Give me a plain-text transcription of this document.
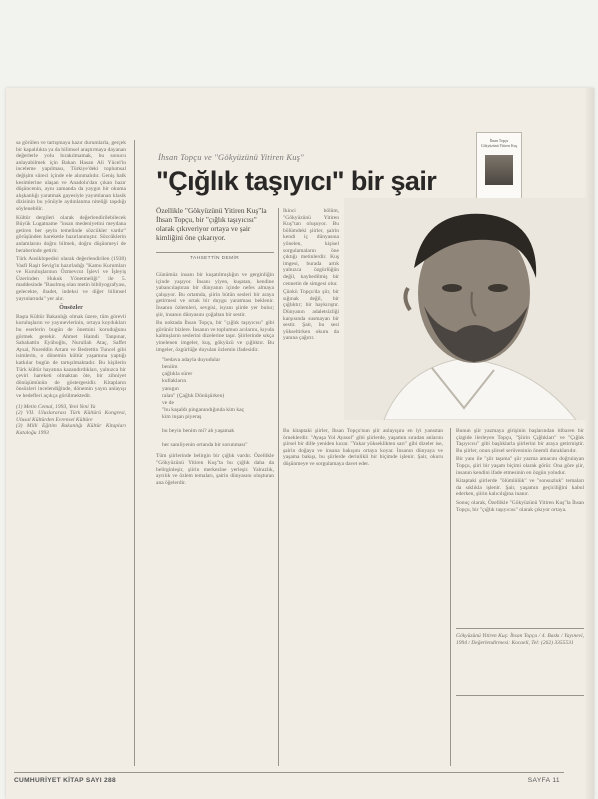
sa görülen ve tartışmaya hazır durumlarla, gerçek bir kapalılıkta ya da bilimsel araştırmaya dayanan değerlerle yolu bırakılmamak, bu sonucu anlayabilmek için Bakan Hasan Ali Yücel'in inceleme yapılması, Türkiye'deki toplumsal değişim süreci içinde ele alınmalıdır. Geniş halk kesimlerine ulaşan ve Anadolu'dan çıkan hazır düşüncenin, aynı zamanda da yaygın bir okuma alışkanlığı yaratmak gayesiyle yayımlanan klasik dizisinin bu yönüyle aydınlanma niteliği taşıdığı söylenebilir.

Kültür dergileri olarak değerlendirilebilecek Büyük Lugatname "insan medeniyetini meydana getiren her şeyin temelinde sözcükler vardır" görüşünden hareketle hazırlanmıştır. Sözcüklerin anlamlarını doğru bilmek, doğru düşünmeyi de beraberinde getirir.

Türk Ansiklopedisi olarak değerlendirilen (1938) Vasfi Raşit Sevig'in hazırladığı "Kamu Kurumları ve Kuruluşlarının Özmevcut İşlevi ve İşleyiş Üzerinden Hukuk Yönetmeliği" ile 5. maddesinde "Basılmış olan metin bibliyografyası, gelecekte, ibadet, indeksi ve diğer bilimsel yayınlarında" yer alır.

Önsözler

Başta Kültür Bakanlığı olmak üzere, tüm görevli kuruluşların ve yayınevlerinin, ortaya koydukları bu eserlerin bugün de önemini koruduğunu görmek gerekir. Ahmet Hamdi Tanpınar, Sabahattin Eyüboğlu, Nurullah Ataç, Saffet Aysal, Nureddin Artam ve Bedrettin Tuncel gibi isimlerin, o dönemin kültür yaşamına yaptığı katkılar bugün de tartışılmaktadır. Bu kişilerin Türk kültür hayatına kazandırdıkları, yalnızca bir çeviri hareketi olmaktan öte, bir zihniyet dönüşümünün de göstergesidir. Kitapların önsözleri incelendiğinde, dönemin yayın anlayışı ve hedefleri açıkça görülmektedir.

(1) Metin Cemal, 1993, Yeni Yeni Ya
(2) VII. Uluslararası Türk Kültürü Kongresi, Ulusal Kültürden Evrensel Kültüre
(3) Milli Eğitim Bakanlığı Kültür Kitapları Kataloğu 1993

İhsan Topçu ve "Gökyüzünü Yitiren Kuş"
"Çığlık taşıyıcı" bir şair
İhsan Topçu
Gökyüzünü Yitiren Kuş
Özellikle "Gökyüzünü Yitiren Kuş"la İhsan Topçu, bir "çığlık taşıyıcısı" olarak çıkıveriyor ortaya ve şair kimliğini öne çıkarıyor.
TAHSETTİN DEMİR

Günümüz insanı bir kuşatılmışlığın ve gerginliğin içinde yaşıyor. İnsanı yiyen, kuşatan, kendine yabancılaştıran bir dünyanın içinde nefes almaya çalışıyor. Bu ortamda, şiirin bütün sesleri bir araya getirmesi ve ortak bir duygu yaratması beklenir. İnsanın özlemleri, sevgisi, isyanı şiirde yer bulur; şiir, insanın dünyasını çoğaltan bir sestir.

Bu noktada İhsan Topçu, bir "çığlık taşıyıcısı" gibi görünür bizlere. İnsanın ve toplumun acılarını, kıyıda kalmışların seslerini dizelerine taşır. Şiirlerinde sıkça yinelenen imgeler, kuş, gökyüzü ve çığlıktır. Bu imgeler, özgürlüğe duyulan özlemin ifadesidir.

"bedava adayla duyudular
beniim
çağlıkla sürer
kullakların
yanıgın
ralan" (Çağlık Dönüşürken)
ve de
"bu kaşaldı pinganındığında kim kaç
kim inşan piyeraş

bu beyin benim mi? ah yaşamak

her sanıliyenin ortanda bir sorunması"

Tüm şiirlerinde belirgin bir çığlık vardır. Özellikle "Gökyüzünü Yitiren Kuş"ta bu çığlık daha da belirginleşir, şiirin merkezine yerleşir. Yalnızlık, ayrılık ve özlem temaları, şairin dünyasını oluşturan ana öğelerdir.

İkinci bölüm, "Gökyüzünü Yitiren Kuş"tan oluşuyor. Bu bölümdeki şiirler, şairin kendi iç dünyasına yönelen, kişisel sorgulamaların öne çıktığı metinlerdir. Kuş imgesi, burada artık yalnızca özgürlüğün değil, kaybedilmiş bir cennetin de simgesi olur.

Çünkü Topçu'da şiir, bir sığınak değil, bir çığlıktır; bir haykırıştır. Dünyanın adaletsizliği karşısında susmayan bir sestir. Şair, bu sesi yükseltirken okuru da yanına çağırır.

Bu kitaptaki şiirler, İhsan Topçu'nun şiir anlayışını en iyi yansıtan örneklerdir. "Ayaşa Yol Ayasol" gibi şiirlerde, yaşamın sıradan anlarını şiirsel bir dille yeniden kurar. "Yakar yükseklikten sarı" gibi dizeler ise, şairin doğaya ve insana bakışını ortaya koyar. İnsanın dünyaya ve yaşama bakışı, bu şiirlerde derinlikli bir biçimde işlenir. Şair, okuru düşünmeye ve sorgulamaya davet eder.

Bunun şiir yazmaya girişinin başlarından itibaren bir çizgide ilerleyen Topçu, "Şiirin Çığlıkları" ve "Çığlık Taşıyıcısı" gibi başlıklarla şiirlerini bir araya getirmiştir. Bu şiirler, onun şiirsel serüveninin önemli duraklarıdır.

Bir yanı ile "şiir taşıma" şiir yazma amacını doğrulayan Topçu, şiiri bir yaşam biçimi olarak görür. Ona göre şiir, insanın kendini ifade etmesinin en özgün yoludur.

Kitaptaki şiirlerde "ölümlülük" ve "sonsuzluk" temaları da sıklıkla işlenir. Şair, yaşamın geçiciliğini kabul ederken, şiirin kalıcılığına inanır.

Sonuç olarak, Özellikle "Gökyüzünü Yitiren Kuş"la İhsan Topçu, bir "çığlık taşıyıcısı" olarak çıkıyor ortaya.

Gökyüzünü Yitiren Kuş: İhsan Topçu / 4. Baskı / Yayınevi, 1994 / Değerlendirmesi: Kocaeli, Tel: (262) 3355531
CUMHURİYET KİTAP SAYI 288	SAYFA 11
